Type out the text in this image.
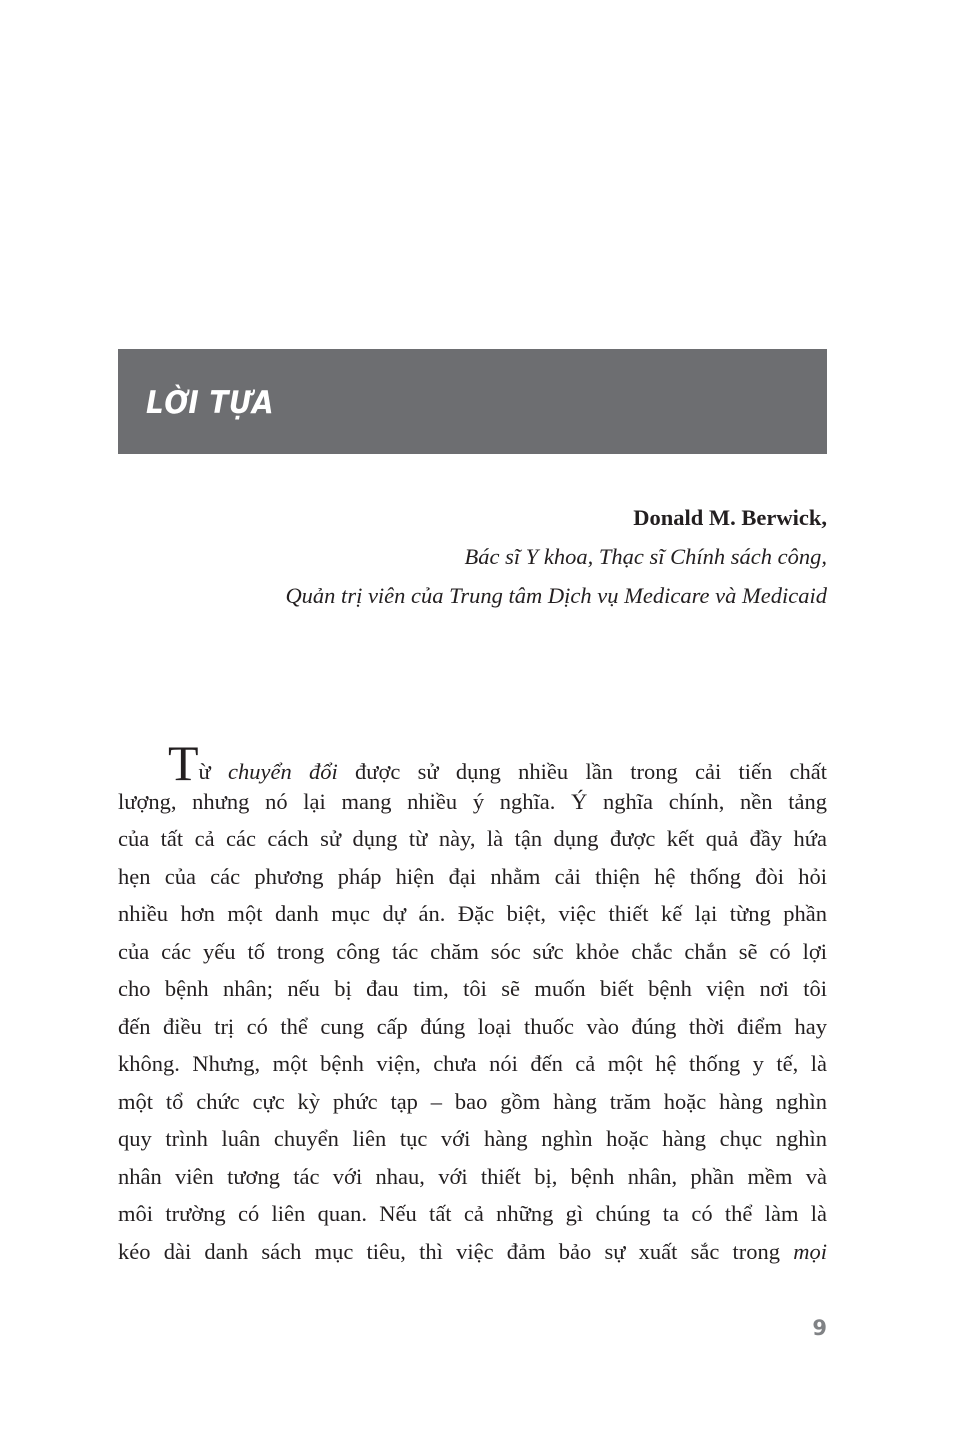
LỜI TỰA
Donald M. Berwick,
Bác sĩ Y khoa, Thạc sĩ Chính sách công,
Quản trị viên của Trung tâm Dịch vụ Medicare và Medicaid
Từ chuyển đổi được sử dụng nhiều lần trong cải tiến chất
lượng, nhưng nó lại mang nhiều ý nghĩa. Ý nghĩa chính, nền tảng
của tất cả các cách sử dụng từ này, là tận dụng được kết quả đầy hứa
hẹn của các phương pháp hiện đại nhằm cải thiện hệ thống đòi hỏi
nhiều hơn một danh mục dự án. Đặc biệt, việc thiết kế lại từng phần
của các yếu tố trong công tác chăm sóc sức khỏe chắc chắn sẽ có lợi
cho bệnh nhân; nếu bị đau tim, tôi sẽ muốn biết bệnh viện nơi tôi
đến điều trị có thể cung cấp đúng loại thuốc vào đúng thời điểm hay
không. Nhưng, một bệnh viện, chưa nói đến cả một hệ thống y tế, là
một tổ chức cực kỳ phức tạp – bao gồm hàng trăm hoặc hàng nghìn
quy trình luân chuyển liên tục với hàng nghìn hoặc hàng chục nghìn
nhân viên tương tác với nhau, với thiết bị, bệnh nhân, phần mềm và
môi trường có liên quan. Nếu tất cả những gì chúng ta có thể làm là
kéo dài danh sách mục tiêu, thì việc đảm bảo sự xuất sắc trong mọi
9
